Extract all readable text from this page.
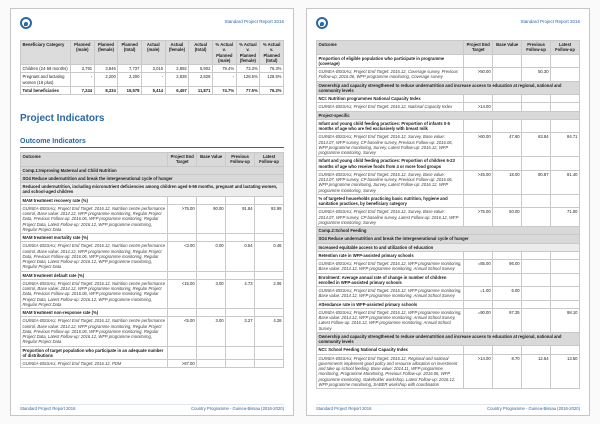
Standard Project Report 2016
Beneficiary Category	Planned (male)	Planned (female)	Planned (total)	Actual (male)	Actual (female)	Actual (total)	% Actual v. Planned (male)	% Actual v. Planned (female)	% Actual v. Planned (total)
Children (24-59 months)	3,791	3,946	7,737	3,010	2,892	5,902	79.4%	73.3%	76.3%
Pregnant and lactating women (18 plus)	-	2,200	2,200	-	2,828	2,828	-	128.5%	128.5%
Total beneficiaries	7,244	8,334	15,578	5,414	6,457	11,871	74.7%	77.5%	76.2%
Project Indicators
Outcome Indicators
Outcome	Project End Target	Base Value	Previous Follow-up	Latest Follow-up
Comp.1:Improving Maternal and Child Nutrition				
SO4 Reduce undernutrition and break the intergenerational cycle of hunger				
Reduced undernutrition, including micronutrient deficiencies among children aged 6-59 months, pregnant and lactating women, and school-aged children				
MAM treatment recovery rate (%)				
GUINEA-BISSAU, Project End Target: 2016.12, Nutrition centre performance control, Base value: 2014.12, WFP programme monitoring, Regular Project Data, Previous Follow-up: 2016.06, WFP programme monitoring, Regular Project Data, Latest Follow-up: 2016.12, WFP programme monitoring, Regular Project Data	>75.00	90.00	91.84	92.99
MAM treatment mortality rate (%)				
GUINEA-BISSAU, Project End Target: 2016.12, Nutrition centre performance control, Base value: 2014.12, WFP programme monitoring, Regular Project Data, Previous Follow-up: 2016.06, WFP programme monitoring, Regular Project Data, Latest Follow-up: 2016.12, WFP programme monitoring, Regular Project Data	<3.00	0.00	0.54	0.46
MAM treatment default rate (%)				
GUINEA-BISSAU, Project End Target: 2016.12, Nutrition centre performance control, Base value: 2014.12, WFP programme monitoring, Regular Project Data, Previous Follow-up: 2016.06, WFP programme monitoring, Regular Project Data, Latest Follow-up: 2016.12, WFP programme monitoring, Regular Project Data	<15.00	3.00	4.73	2.06
MAM treatment non-response rate (%)				
GUINEA-BISSAU, Project End Target: 2016.12, Nutrition centre performance control, Base value: 2014.12, WFP programme monitoring, Regular Project Data, Previous Follow-up: 2016.06, WFP programme monitoring, Regular Project Data, Latest Follow-up: 2016.12, WFP programme monitoring, Regular Project Data	<5.00	3.00	3.27	4.28
Proportion of target population who participate in an adequate number of distributions				
GUINEA-BISSAU, Project End Target: 2016.12, PDM	>67.00			
Standard Project Report 2016	Country Programme - Guinea-Bissau (2016-2020)
Standard Project Report 2016
Outcome	Project End Target	Base Value	Previous Follow-up	Latest Follow-up
Proportion of eligible population who participate in programme (coverage)				
GUINEA-BISSAU, Project End Target: 2016.12, Coverage survey, Previous Follow-up: 2016.06, WFP programme monitoring, Coverage survey	>50.00		50.30	
Ownership and capacity strengthened to reduce undernutrition and increase access to education at regional, national and community levels				
NCI: Nutrition programmes National Capacity Index				
GUINEA-BISSAU, Project End Target: 2016.12, National Capacity Index	>14.00			
Project-specific				
Infant and young child feeding practices: Proportion of infants 0-5 months of age who are fed exclusively with breast milk				
GUINEA-BISSAU, Project End Target: 2016.12, Survey, Base value: 2014.07, WFP survey, CP baseline survey, Previous Follow-up: 2016.06, WFP programme monitoring, Survey, Latest Follow-up: 2016.12, WFP programme monitoring, Survey	>60.00	47.60	63.84	84.71
Infant and young child feeding practices: Proportion of children 6-23 months of age who receive foods from 4 or more food groups				
GUINEA-BISSAU, Project End Target: 2016.12, Survey, Base value: 2014.07, WFP survey, CP baseline survey, Previous Follow-up: 2016.06, WFP programme monitoring, Survey, Latest Follow-up: 2016.12, WFP programme monitoring, Survey	>45.00	18.00	80.87	81.40
% of targeted households practicing basic nutrition, hygiene and sanitation practices, by beneficiary category				
GUINEA-BISSAU, Project End Target: 2016.12, Survey, Base value: 2014.07, WFP survey, CP baseline survey, Latest Follow-up: 2016.12, WFP programme monitoring, Survey	>75.00	50.00		71.00
Comp.2:School Feeding				
SO4 Reduce undernutrition and break the intergenerational cycle of hunger				
Increased equitable access to and utilization of education				
Retention rate in WFP-assisted primary schools				
GUINEA-BISSAU, Project End Target: 2016.12, WFP programme monitoring, Base value: 2014.12, WFP programme monitoring, Annual School Survey	=85.00	96.00		
Enrolment: Average annual rate of change in number of children enrolled in WFP-assisted primary schools				
GUINEA-BISSAU, Project End Target: 2016.12, WFP programme monitoring, Base value: 2014.12, WFP programme monitoring, Annual School Survey	=1.00	6.00		
Attendance rate in WFP-assisted primary schools				
GUINEA-BISSAU, Project End Target: 2016.12, WFP programme monitoring, Base value: 2014.12, WFP programme monitoring, Annual School Survey, Latest Follow-up: 2016.12, WFP programme monitoring, Annual School Survey	=90.00	97.35		98.10
Ownership and capacity strengthened to reduce undernutrition and increase access to education at regional, national and community levels				
NCI: School Feeding National Capacity Index				
GUINEA-BISSAU, Project End Target: 2016.12, Regional and national governments implement good policy and resource allocation on investment and take up school feeding, Base value: 2014.11, WFP programme monitoring, Programme Monitoring, Previous Follow-up: 2016.06, WFP programme monitoring, stakeholder workshop, Latest Follow-up: 2016.12, WFP programme monitoring, SABER workshop with coordination	>14.00	8.70	12.54	13.50
Standard Project Report 2016	Country Programme - Guinea-Bissau (2016-2020)
